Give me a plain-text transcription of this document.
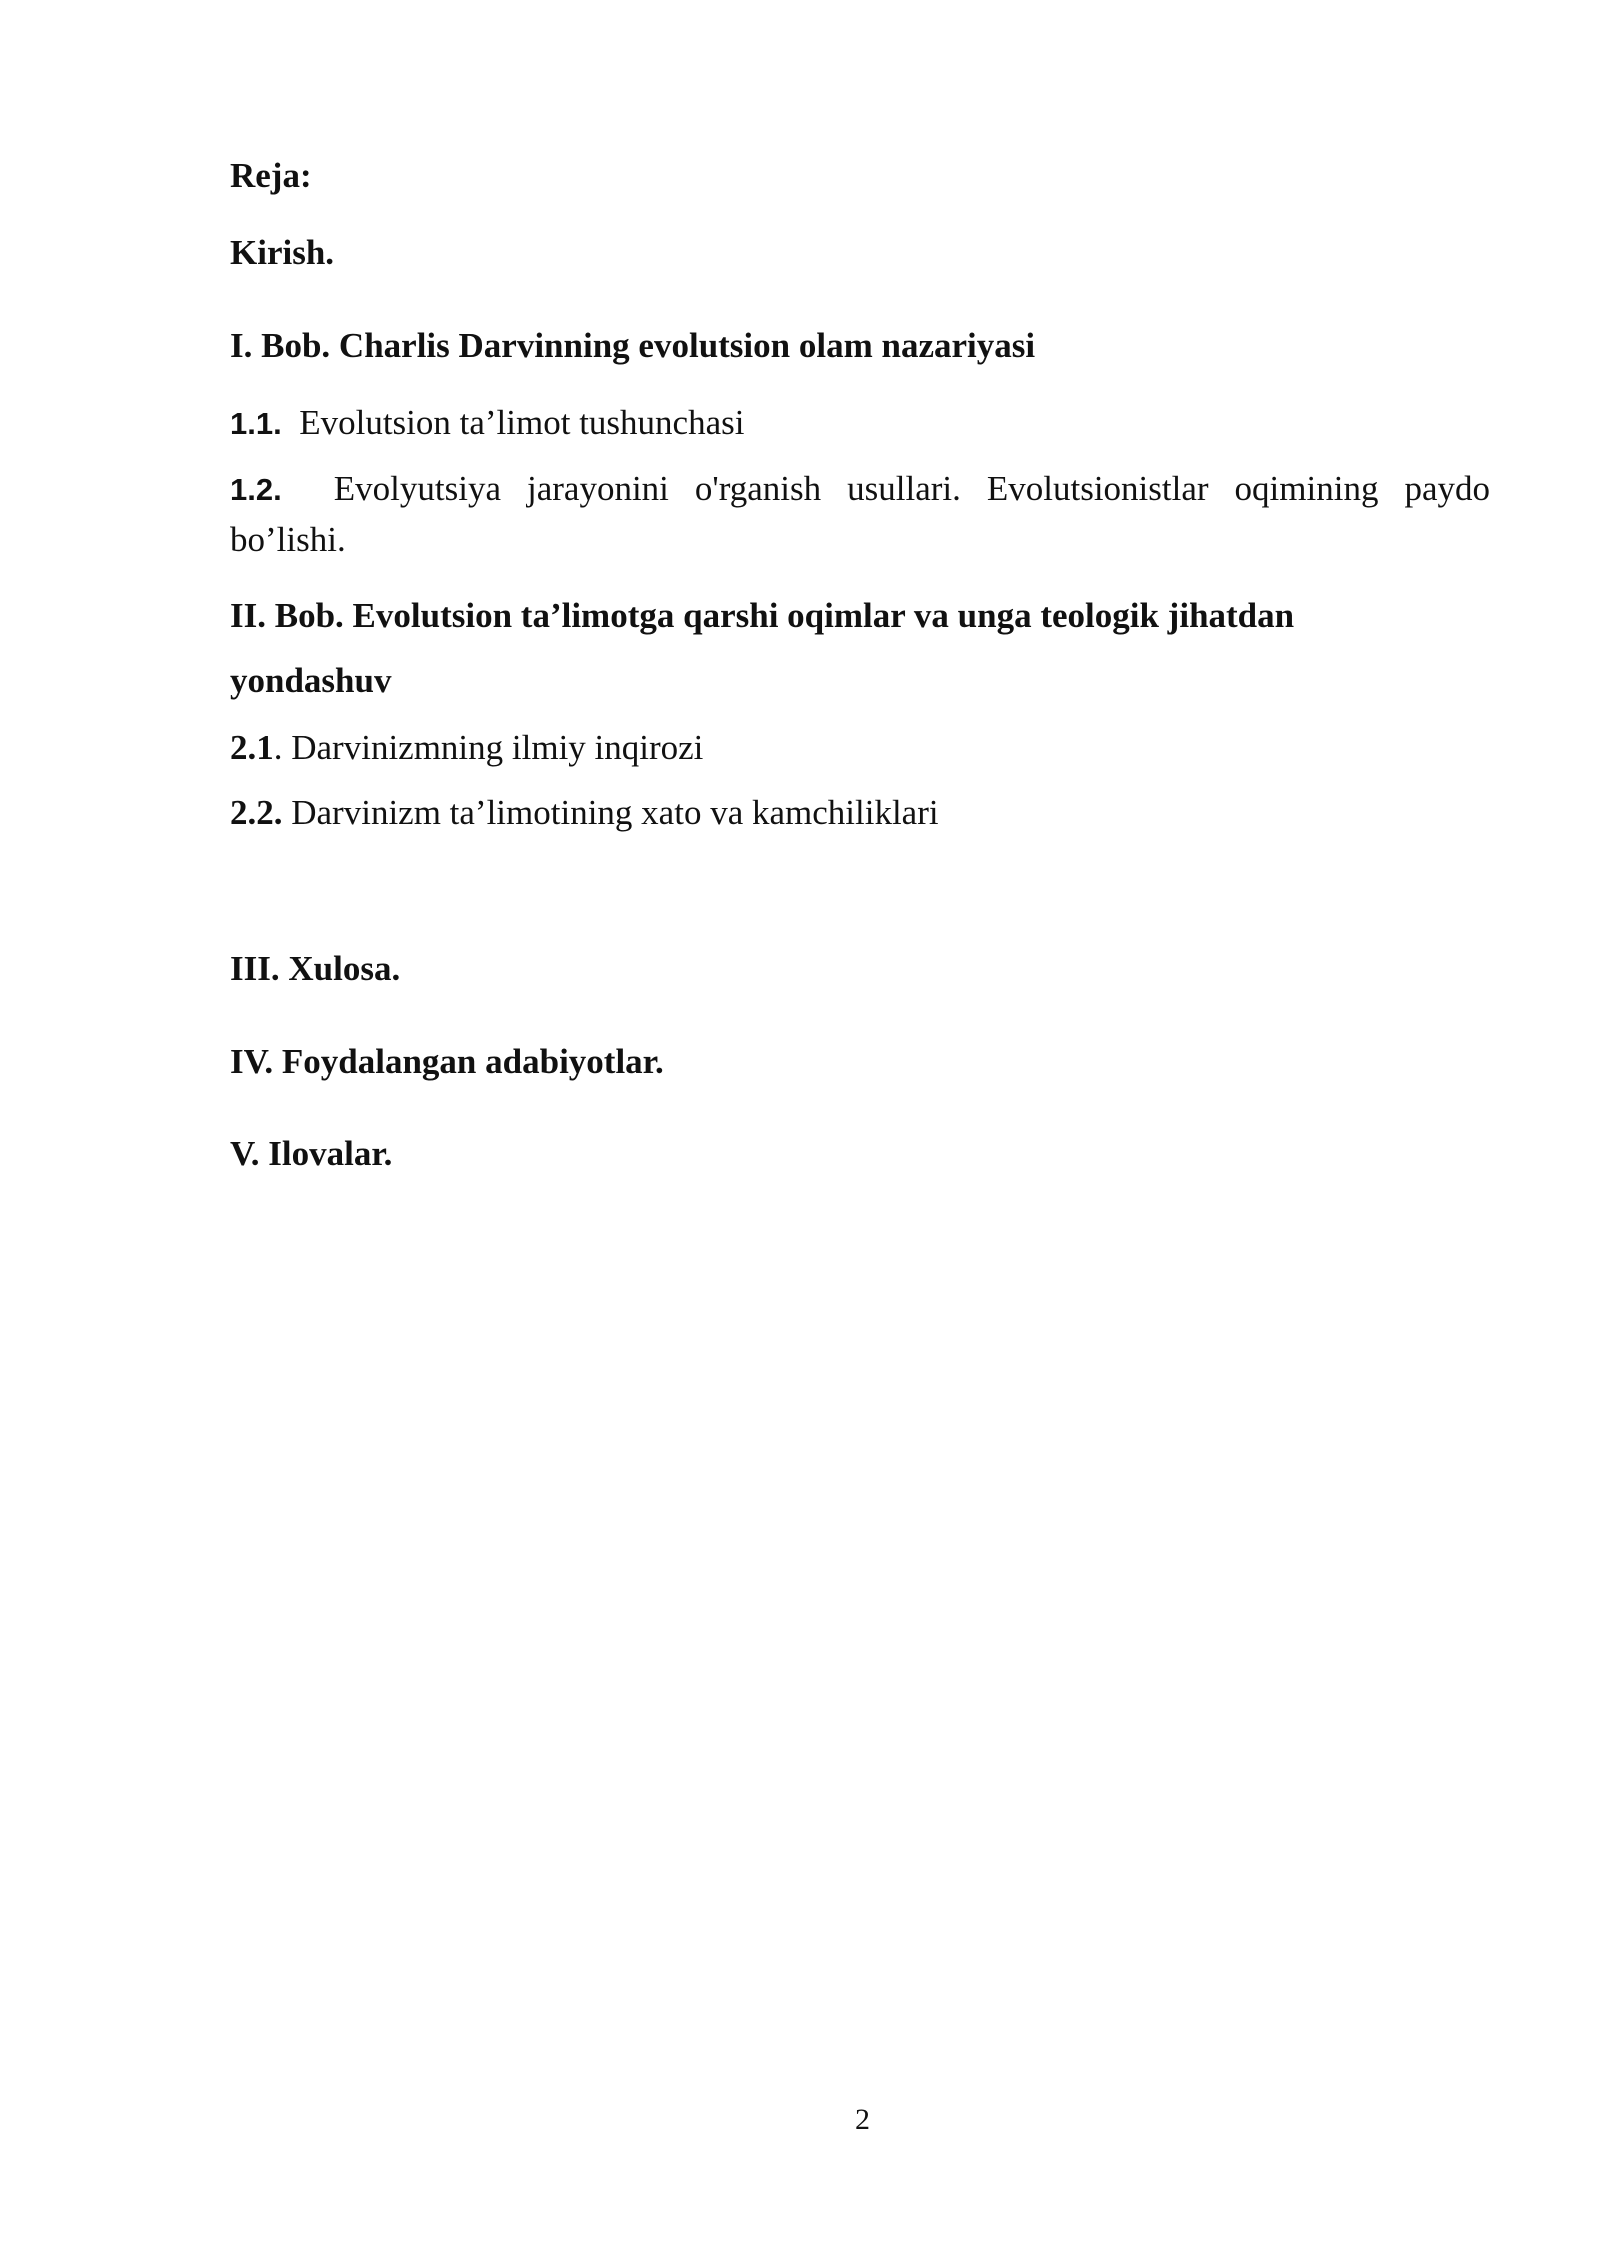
Reja:
Kirish.
I. Bob. Charlis Darvinning evolutsion olam nazariyasi
1.1. Evolutsion ta’limot tushunchasi
1.2. Evolyutsiya jarayonini o'rganish usullari. Evolutsionistlar oqimining paydo
bo’lishi.
II. Bob. Evolutsion ta’limotga qarshi oqimlar va unga teologik jihatdan
yondashuv
2.1. Darvinizmning ilmiy inqirozi
2.2. Darvinizm ta’limotining xato va kamchiliklari
III. Xulosa.
IV. Foydalangan adabiyotlar.
V. Ilovalar.
2
